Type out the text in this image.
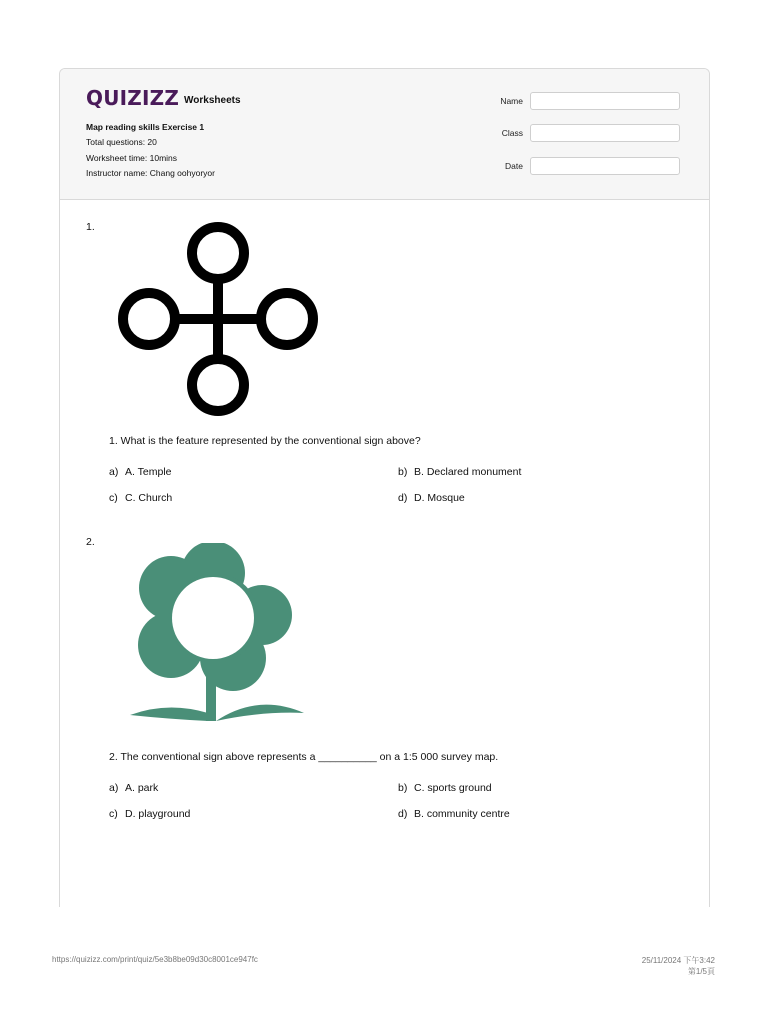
QUIZIZZ Worksheets
Map reading skills Exercise 1
Total questions: 20
Worksheet time: 10mins
Instructor name: Chang oohyoryor
Name
Class
Date
1.
1. What is the feature represented by the conventional sign above?
a) A. Temple	b) B. Declared monument
c) C. Church	d) D. Mosque
2.
2. The conventional sign above represents a __________ on a 1:5 000 survey map.
a) A. park	b) C. sports ground
c) D. playground	d) B. community centre
https://quizizz.com/print/quiz/5e3b8be09d30c8001ce947fc	25/11/2024 下午3:42
第1/5頁
